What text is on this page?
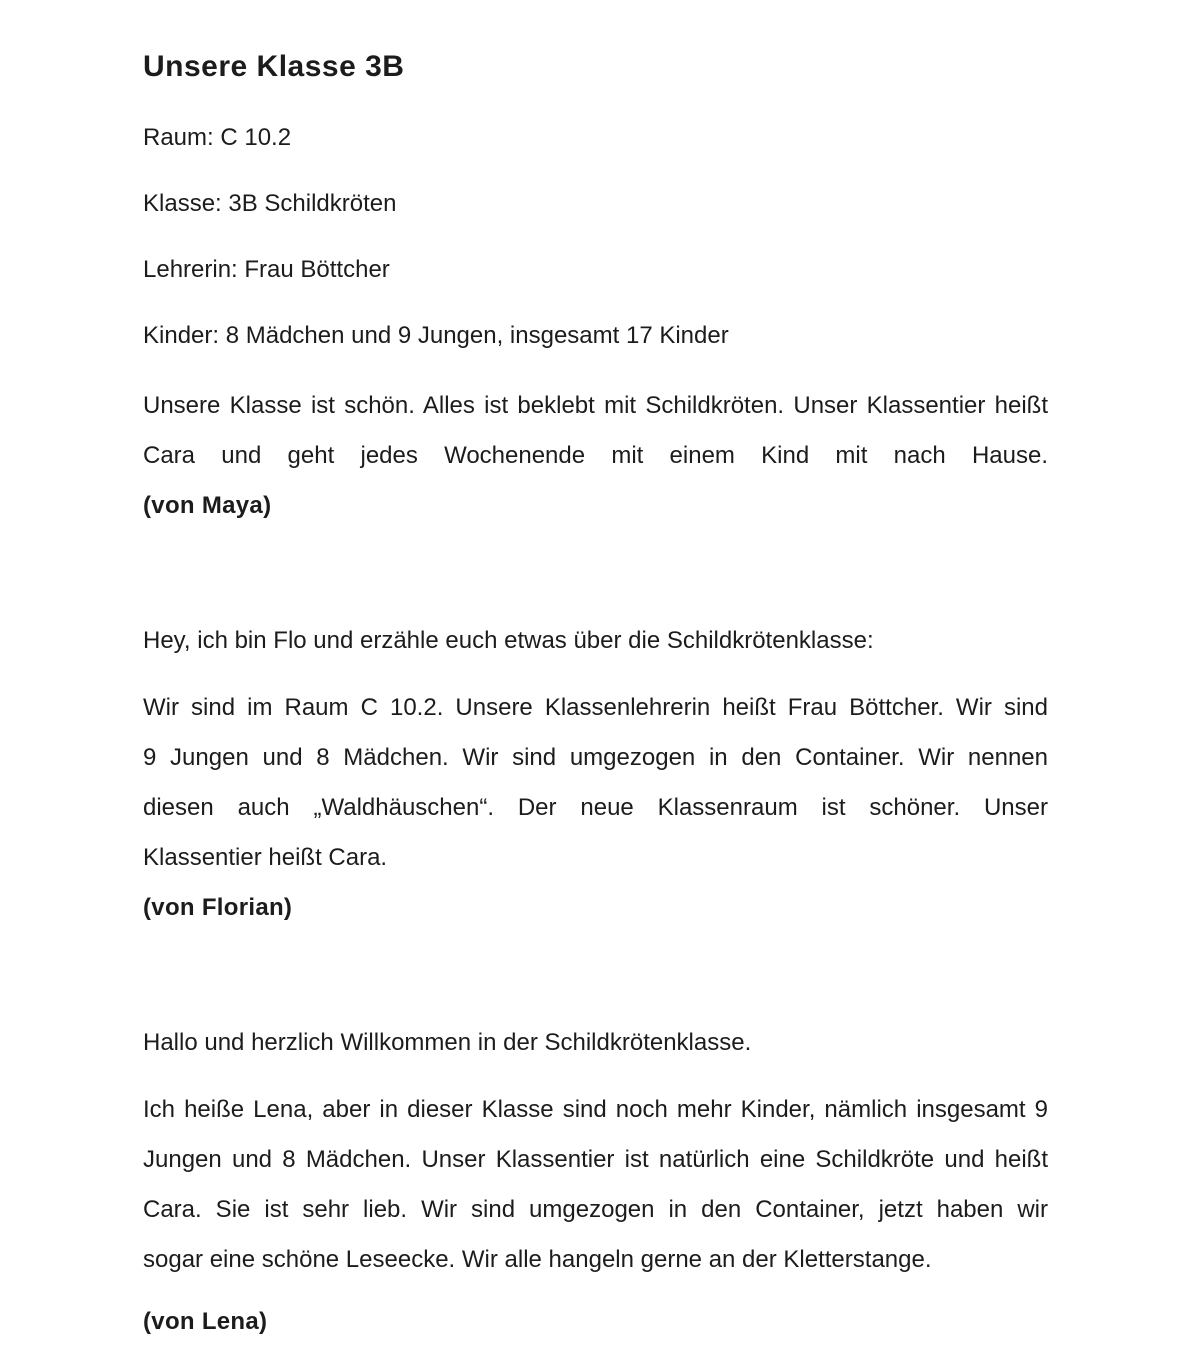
Unsere Klasse 3B
Raum: C 10.2
Klasse: 3B Schildkröten
Lehrerin: Frau Böttcher
Kinder: 8 Mädchen und 9 Jungen, insgesamt 17 Kinder
Unsere Klasse ist schön. Alles ist beklebt mit Schildkröten. Unser Klassentier heißt
Cara und geht jedes Wochenende mit einem Kind mit nach Hause.
(von Maya)
Hey, ich bin Flo und erzähle euch etwas über die Schildkrötenklasse:
Wir sind im Raum C 10.2. Unsere Klassenlehrerin heißt Frau Böttcher. Wir sind
9 Jungen und 8 Mädchen. Wir sind umgezogen in den Container. Wir nennen
diesen auch „Waldhäuschen“. Der neue Klassenraum ist schöner. Unser
Klassentier heißt Cara.
(von Florian)
Hallo und herzlich Willkommen in der Schildkrötenklasse.
Ich heiße Lena, aber in dieser Klasse sind noch mehr Kinder, nämlich insgesamt 9
Jungen und 8 Mädchen. Unser Klassentier ist natürlich eine Schildkröte und heißt
Cara. Sie ist sehr lieb. Wir sind umgezogen in den Container, jetzt haben wir
sogar eine schöne Leseecke. Wir alle hangeln gerne an der Kletterstange.
(von Lena)
